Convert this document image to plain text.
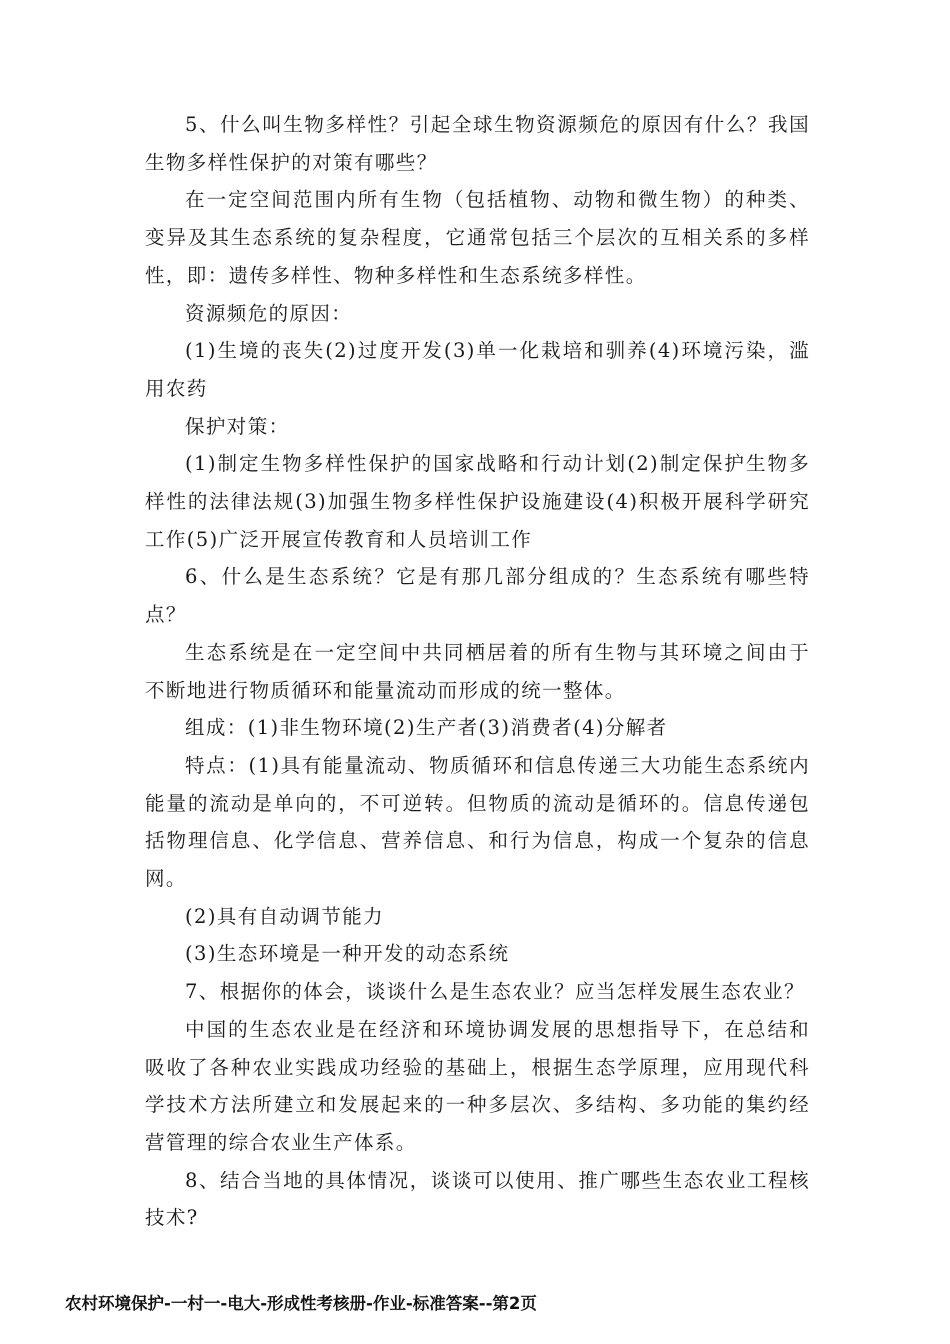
5、什么叫生物多样性？引起全球生物资源频危的原因有什么？我国生物多样性保护的对策有哪些？

在一定空间范围内所有生物（包括植物、动物和微生物）的种类、变异及其生态系统的复杂程度，它通常包括三个层次的互相关系的多样性，即：遗传多样性、物种多样性和生态系统多样性。

资源频危的原因：

(1)生境的丧失(2)过度开发(3)单一化栽培和驯养(4)环境污染，滥用农药

保护对策：

(1)制定生物多样性保护的国家战略和行动计划(2)制定保护生物多样性的法律法规(3)加强生物多样性保护设施建设(4)积极开展科学研究工作(5)广泛开展宣传教育和人员培训工作

6、什么是生态系统？它是有那几部分组成的？生态系统有哪些特点？

生态系统是在一定空间中共同栖居着的所有生物与其环境之间由于不断地进行物质循环和能量流动而形成的统一整体。

组成：(1)非生物环境(2)生产者(3)消费者(4)分解者

特点：(1)具有能量流动、物质循环和信息传递三大功能生态系统内能量的流动是单向的，不可逆转。但物质的流动是循环的。信息传递包括物理信息、化学信息、营养信息、和行为信息，构成一个复杂的信息网。

(2)具有自动调节能力

(3)生态环境是一种开发的动态系统

7、根据你的体会，谈谈什么是生态农业？应当怎样发展生态农业？

中国的生态农业是在经济和环境协调发展的思想指导下，在总结和吸收了各种农业实践成功经验的基础上，根据生态学原理，应用现代科学技术方法所建立和发展起来的一种多层次、多结构、多功能的集约经营管理的综合农业生产体系。

8、结合当地的具体情况，谈谈可以使用、推广哪些生态农业工程核技术?

农村环境保护-一村一-电大-形成性考核册-作业-标准答案--第2页
